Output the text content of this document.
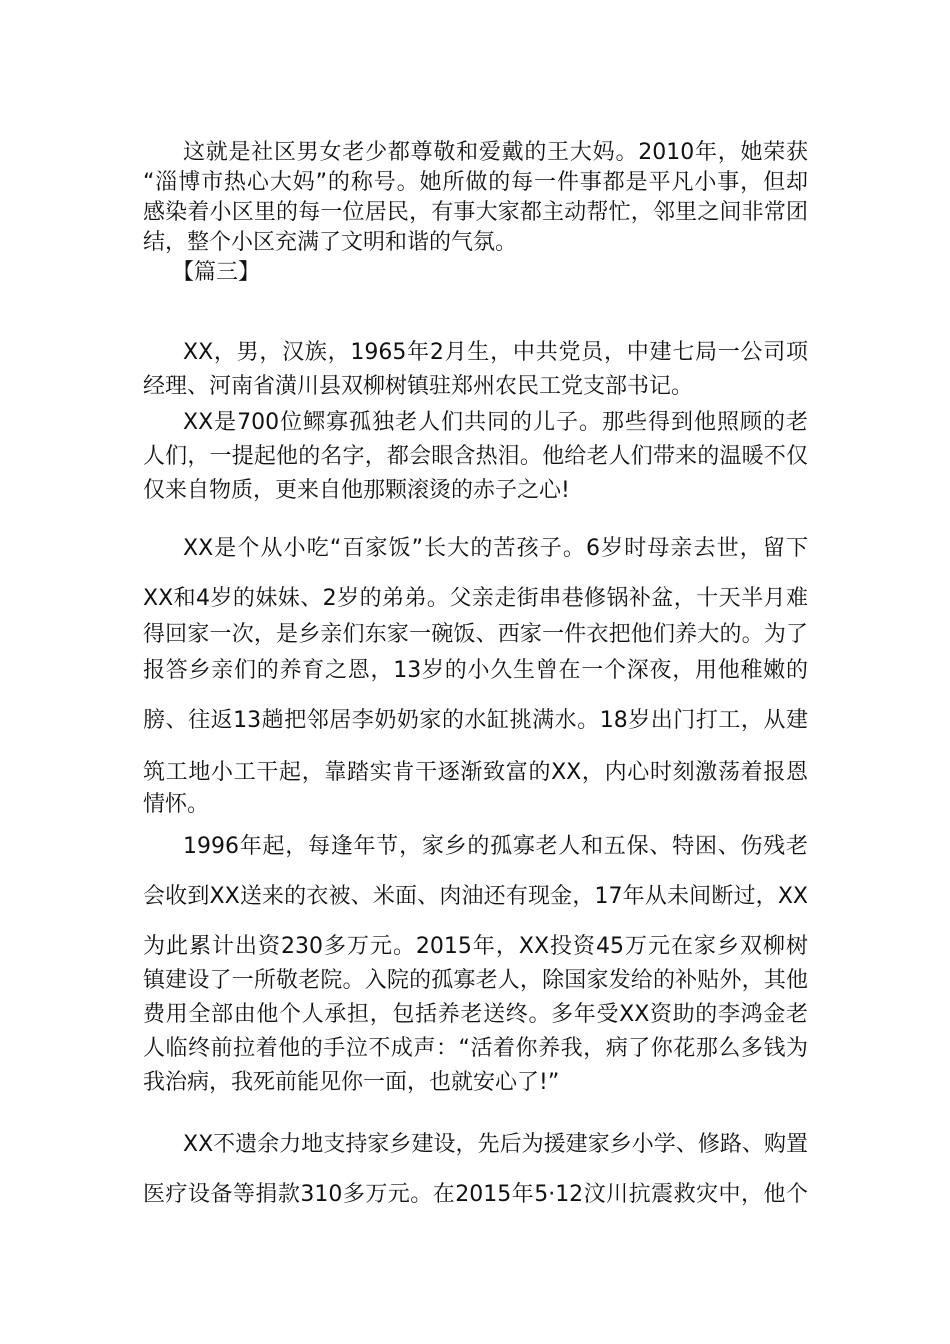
这就是社区男女老少都尊敬和爱戴的王大妈。2010年，她荣获

“淄博市热心大妈”的称号。她所做的每一件事都是平凡小事，但却

感染着小区里的每一位居民，有事大家都主动帮忙，邻里之间非常团

结，整个小区充满了文明和谐的气氛。

【篇三】

XX，男，汉族，1965年2月生，中共党员，中建七局一公司项

经理、河南省潢川县双柳树镇驻郑州农民工党支部书记。

XX是700位鳏寡孤独老人们共同的儿子。那些得到他照顾的老

人们，一提起他的名字，都会眼含热泪。他给老人们带来的温暖不仅

仅来自物质，更来自他那颗滚烫的赤子之心!

XX是个从小吃“百家饭”长大的苦孩子。6岁时母亲去世，留下

XX和4岁的妹妹、2岁的弟弟。父亲走街串巷修锅补盆，十天半月难

得回家一次，是乡亲们东家一碗饭、西家一件衣把他们养大的。为了

报答乡亲们的养育之恩，13岁的小久生曾在一个深夜，用他稚嫩的

膀、往返13趟把邻居李奶奶家的水缸挑满水。18岁出门打工，从建

筑工地小工干起，靠踏实肯干逐渐致富的XX，内心时刻激荡着报恩

情怀。

1996年起，每逢年节，家乡的孤寡老人和五保、特困、伤残老

会收到XX送来的衣被、米面、肉油还有现金，17年从未间断过，XX

为此累计出资230多万元。2015年，XX投资45万元在家乡双柳树

镇建设了一所敬老院。入院的孤寡老人，除国家发给的补贴外，其他

费用全部由他个人承担，包括养老送终。多年受XX资助的李鸿金老

人临终前拉着他的手泣不成声：“活着你养我，病了你花那么多钱为

我治病，我死前能见你一面，也就安心了!”

XX不遗余力地支持家乡建设，先后为援建家乡小学、修路、购置

医疗设备等捐款310多万元。在2015年5·12汶川抗震救灾中，他个
